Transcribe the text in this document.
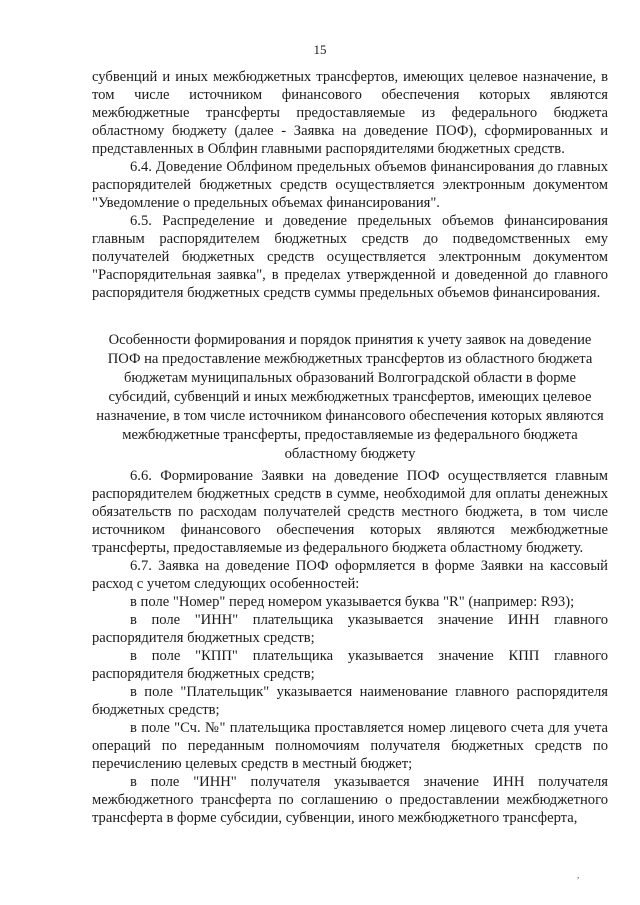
15

субвенций и иных межбюджетных трансфертов, имеющих целевое назначение, в том числе источником финансового обеспечения которых являются межбюджетные трансферты предоставляемые из федерального бюджета областному бюджету (далее - Заявка на доведение ПОФ), сформированных и представленных в Облфин главными распорядителями бюджетных средств.

6.4. Доведение Облфином предельных объемов финансирования до главных распорядителей бюджетных средств осуществляется электронным документом "Уведомление о предельных объемах финансирования".

6.5. Распределение и доведение предельных объемов финансирования главным распорядителем бюджетных средств до подведомственных ему получателей бюджетных средств осуществляется электронным документом "Распорядительная заявка", в пределах утвержденной и доведенной до главного распорядителя бюджетных средств суммы предельных объемов финансирования.

Особенности формирования и порядок принятия к учету заявок на доведение ПОФ на предоставление межбюджетных трансфертов из областного бюджета бюджетам муниципальных образований Волгоградской области в форме субсидий, субвенций и иных межбюджетных трансфертов, имеющих целевое назначение, в том числе источником финансового обеспечения которых являются межбюджетные трансферты, предоставляемые из федерального бюджета областному бюджету

6.6. Формирование Заявки на доведение ПОФ осуществляется главным распорядителем бюджетных средств в сумме, необходимой для оплаты денежных обязательств по расходам получателей средств местного бюджета, в том числе источником финансового обеспечения которых являются межбюджетные трансферты, предоставляемые из федерального бюджета областному бюджету.

6.7. Заявка на доведение ПОФ оформляется в форме Заявки на кассовый расход с учетом следующих особенностей:

в поле "Номер" перед номером указывается буква "R" (например: R93);

в поле "ИНН" плательщика указывается значение ИНН главного распорядителя бюджетных средств;

в поле "КПП" плательщика указывается значение КПП главного распорядителя бюджетных средств;

в поле "Плательщик" указывается наименование главного распорядителя бюджетных средств;

в поле "Сч. №" плательщика проставляется номер лицевого счета для учета операций по переданным полномочиям получателя бюджетных средств по перечислению целевых средств в местный бюджет;

в поле "ИНН" получателя указывается значение ИНН получателя межбюджетного трансферта по соглашению о предоставлении межбюджетного трансферта в форме субсидии, субвенции, иного межбюджетного трансферта,

,
